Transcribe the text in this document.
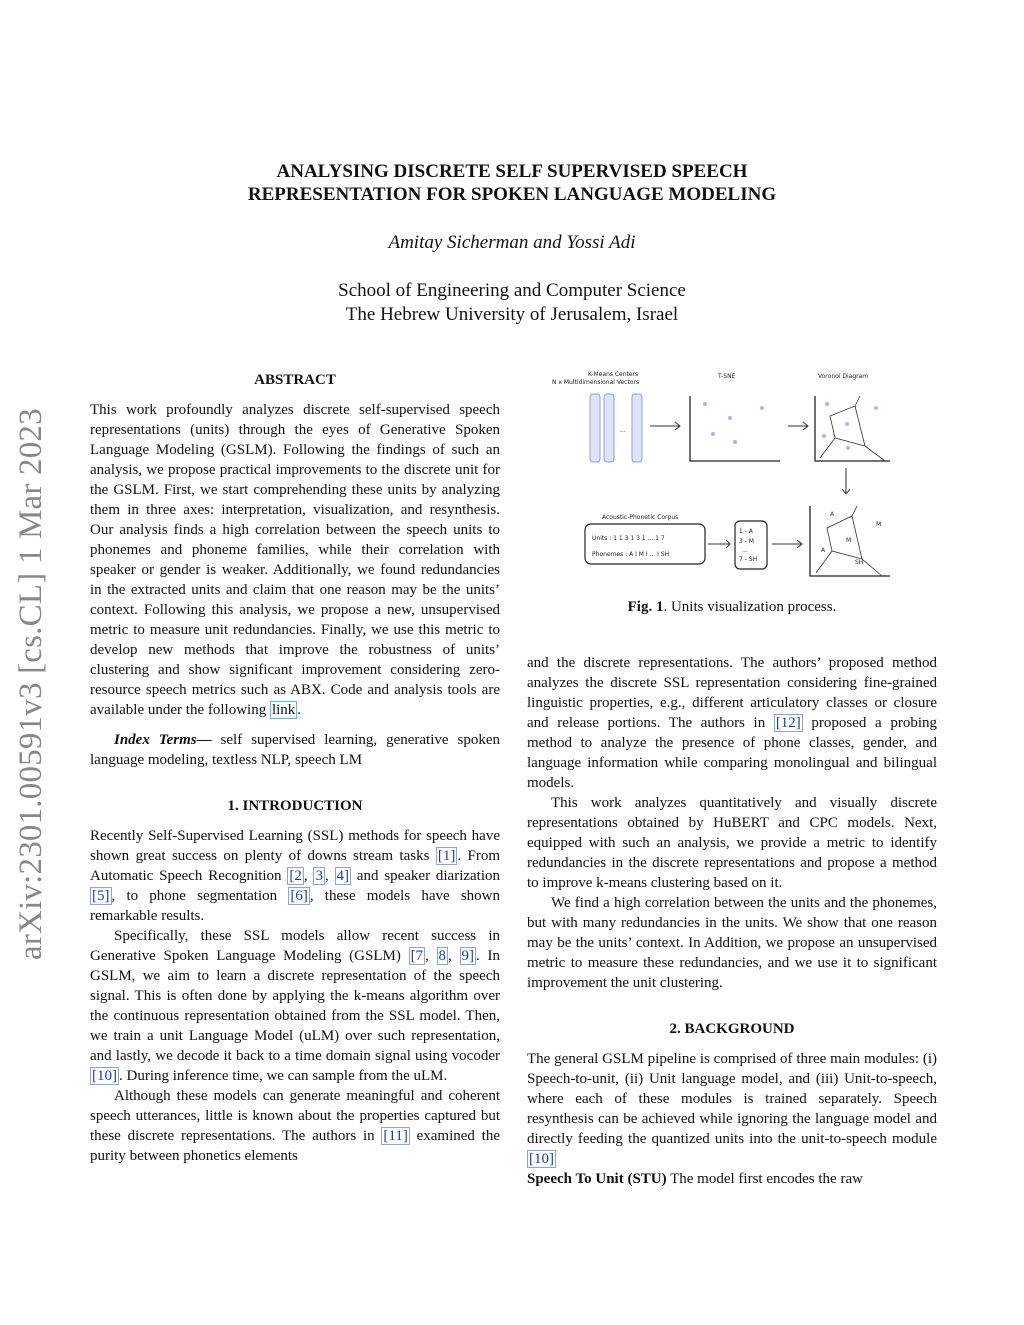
arXiv:2301.00591v3 [cs.CL] 1 Mar 2023
ANALYSING DISCRETE SELF SUPERVISED SPEECH
REPRESENTATION FOR SPOKEN LANGUAGE MODELING
Amitay Sicherman and Yossi Adi
School of Engineering and Computer Science
The Hebrew University of Jerusalem, Israel
ABSTRACT

This work profoundly analyzes discrete self-supervised speech representations (units) through the eyes of Generative Spoken Language Modeling (GSLM). Following the findings of such an analysis, we propose practical improvements to the discrete unit for the GSLM. First, we start comprehending these units by analyzing them in three axes: interpretation, visualization, and resynthesis. Our analysis finds a high correlation between the speech units to phonemes and phoneme families, while their correlation with speaker or gender is weaker. Additionally, we found redundancies in the extracted units and claim that one reason may be the units’ context. Following this analysis, we propose a new, unsupervised metric to measure unit redundancies. Finally, we use this metric to develop new methods that improve the robustness of units’ clustering and show significant improvement considering zero-resource speech metrics such as ABX. Code and analysis tools are available under the following link .

Index Terms— self supervised learning, generative spoken language modeling, textless NLP, speech LM

1. INTRODUCTION

Recently Self-Supervised Learning (SSL) methods for speech have shown great success on plenty of downs stream tasks [1] . From Automatic Speech Recognition [2 , 3 , 4] and speaker diarization [5] , to phone segmentation [6] , these models have shown remarkable results.

Specifically, these SSL models allow recent success in Generative Spoken Language Modeling (GSLM) [7 , 8 , 9] . In GSLM, we aim to learn a discrete representation of the speech signal. This is often done by applying the k-means algorithm over the continuous representation obtained from the SSL model. Then, we train a unit Language Model (uLM) over such representation, and lastly, we decode it back to a time domain signal using vocoder [10] . During inference time, we can sample from the uLM.

Although these models can generate meaningful and coherent speech utterances, little is known about the properties captured but these discrete representations. The authors in [11] examined the purity between phonetics elements

K-Means Centers
N x Multidimensional Vectors
T-SNE	Voronoi Diagram
...
Acoustic-Phonetic Corpus
Units : 1 1 3 1 3 1 ... 1 7
Phonemes : A I M I ... I SH
1 - A
3 - M
...
7 - SH
A
M
M
A
SH
Fig. 1. Units visualization process.

and the discrete representations. The authors’ proposed method analyzes the discrete SSL representation considering fine-grained linguistic properties, e.g., different articulatory classes or closure and release portions. The authors in [12] proposed a probing method to analyze the presence of phone classes, gender, and language information while comparing monolingual and bilingual models.

This work analyzes quantitatively and visually discrete representations obtained by HuBERT and CPC models. Next, equipped with such an analysis, we provide a metric to identify redundancies in the discrete representations and propose a method to improve k-means clustering based on it.

We find a high correlation between the units and the phonemes, but with many redundancies in the units. We show that one reason may be the units’ context. In Addition, we propose an unsupervised metric to measure these redundancies, and we use it to significant improvement the unit clustering.

2. BACKGROUND

The general GSLM pipeline is comprised of three main modules: (i) Speech-to-unit, (ii) Unit language model, and (iii) Unit-to-speech, where each of these modules is trained separately. Speech resynthesis can be achieved while ignoring the language model and directly feeding the quantized units into the unit-to-speech module [10]

Speech To Unit (STU) The model first encodes the raw
